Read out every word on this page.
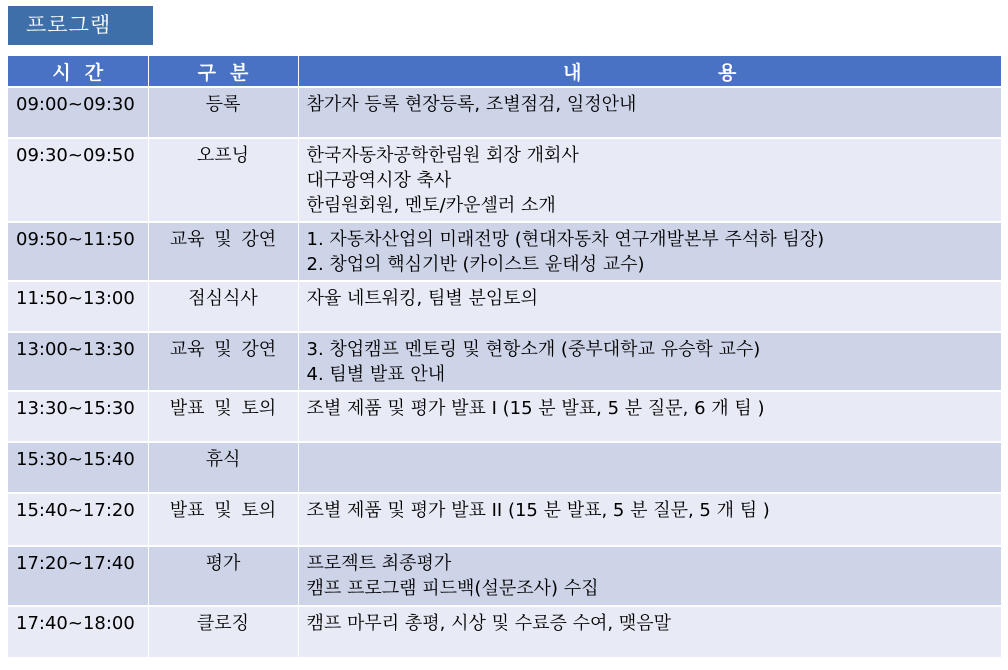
프로그램
시간	구분	내 용
09:00~09:30	등록	참가자 등록 현장등록, 조별점검, 일정안내

09:30~09:50	오프닝	한국자동차공학한림원 회장 개회사
대구광역시장 축사
한림원회원, 멘토/카운셀러 소개

09:50~11:50	교육 및 강연	1. 자동차산업의 미래전망 (현대자동차 연구개발본부 주석하 팀장)
2. 창업의 핵심기반 (카이스트 윤태성 교수)

11:50~13:00	점심식사	자율 네트워킹, 팀별 분임토의

13:00~13:30	교육 및 강연	3. 창업캠프 멘토링 및 현항소개 (중부대학교 유승학 교수)
4. 팀별 발표 안내

13:30~15:30	발표 및 토의	조별 제품 및 평가 발표 I (15 분 발표, 5 분 질문, 6 개 팀 )

15:30~15:40	휴식	
15:40~17:20	발표 및 토의	조별 제품 및 평가 발표 II (15 분 발표, 5 분 질문, 5 개 팀 )

17:20~17:40	평가	프로젝트 최종평가
캠프 프로그램 피드백(설문조사) 수집

17:40~18:00	클로징	캠프 마무리 총평, 시상 및 수료증 수여, 맺음말
